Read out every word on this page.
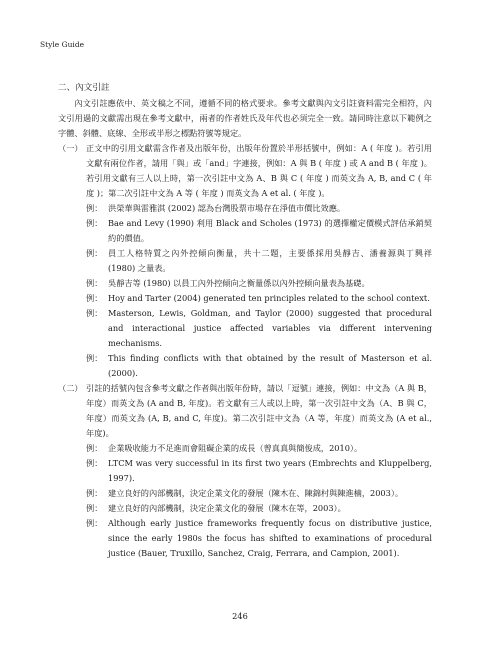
Style Guide
二、內文引註

內文引註應依中、英文稿之不同，遵循不同的格式要求。參考文獻與內文引註資料需完全相符，內文引用過的文獻需出現在參考文獻中，兩者的作者姓氏及年代也必須完全一致。請同時注意以下範例之字體、斜體、底線、全形或半形之標點符號等規定。

（一） 正文中的引用文獻需含作者及出版年份，出版年份置於半形括號中，例如：A ( 年度 )。若引用文獻有兩位作者，請用「與」或「and」字連接，例如：A 與 B ( 年度 ) 或 A and B ( 年度 )。若引用文獻有三人以上時，第一次引註中文為 A、B 與 C ( 年度 ) 而英文為 A, B, and C ( 年度 )；第二次引註中文為 A 等 ( 年度 ) 而英文為 A et al. ( 年度 )。
例： 洪榮華與雷雅淇 (2002) 認為台灣股票市場存在淨值市價比效應。
例： Bae and Levy (1990) 利用 Black and Scholes (1973) 的選擇權定價模式評估承銷契約的價值。
例： 員工人格特質之內外控傾向衡量，共十二題，主要係採用吳靜吉、潘養源與丁興祥 (1980) 之量表。
例： 吳靜吉等 (1980) 以員工內外控傾向之衡量係以內外控傾向量表為基礎。
例： Hoy and Tarter (2004) generated ten principles related to the school context.
例： Masterson, Lewis, Goldman, and Taylor (2000) suggested that procedural and interactional justice affected variables via different intervening mechanisms.
例： This finding conflicts with that obtained by the result of Masterson et al. (2000).
（二） 引註的括號內包含參考文獻之作者與出版年份時，請以「逗號」連接，例如：中文為（A 與 B，年度）而英文為 (A and B, 年度)。若文獻有三人或以上時，第一次引註中文為（A、B 與 C，年度）而英文為 (A, B, and C, 年度)。第二次引註中文為（A 等，年度）而英文為 (A et al., 年度)。
例： 企業吸收能力不足進而會阻礙企業的成長（曾真真與簡俊成，2010）。
例： LTCM was very successful in its first two years (Embrechts and Kluppelberg, 1997).
例： 建立良好的內部機制，決定企業文化的發展（陳木在、陳錦村與陳進楠，2003）。
例： 建立良好的內部機制，決定企業文化的發展（陳木在等，2003）。
例： Although early justice frameworks frequently focus on distributive justice, since the early 1980s the focus has shifted to examinations of procedural justice (Bauer, Truxillo, Sanchez, Craig, Ferrara, and Campion, 2001).
246
